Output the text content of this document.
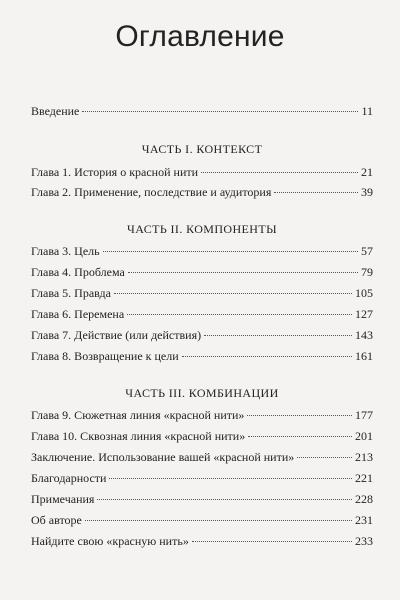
Оглавление
Введение	11
ЧАСТЬ I. КОНТЕКСТ
Глава 1. История о красной нити	21
Глава 2. Применение, последствие и аудитория	39
ЧАСТЬ II. КОМПОНЕНТЫ
Глава 3. Цель	57
Глава 4. Проблема	79
Глава 5. Правда	105
Глава 6. Перемена	127
Глава 7. Действие (или действия)	143
Глава 8. Возвращение к цели	161
ЧАСТЬ III. КОМБИНАЦИИ
Глава 9. Сюжетная линия «красной нити»	177
Глава 10. Сквозная линия «красной нити»	201
Заключение. Использование вашей «красной нити»	213
Благодарности	221
Примечания	228
Об авторе	231
Найдите свою «красную нить»	233
